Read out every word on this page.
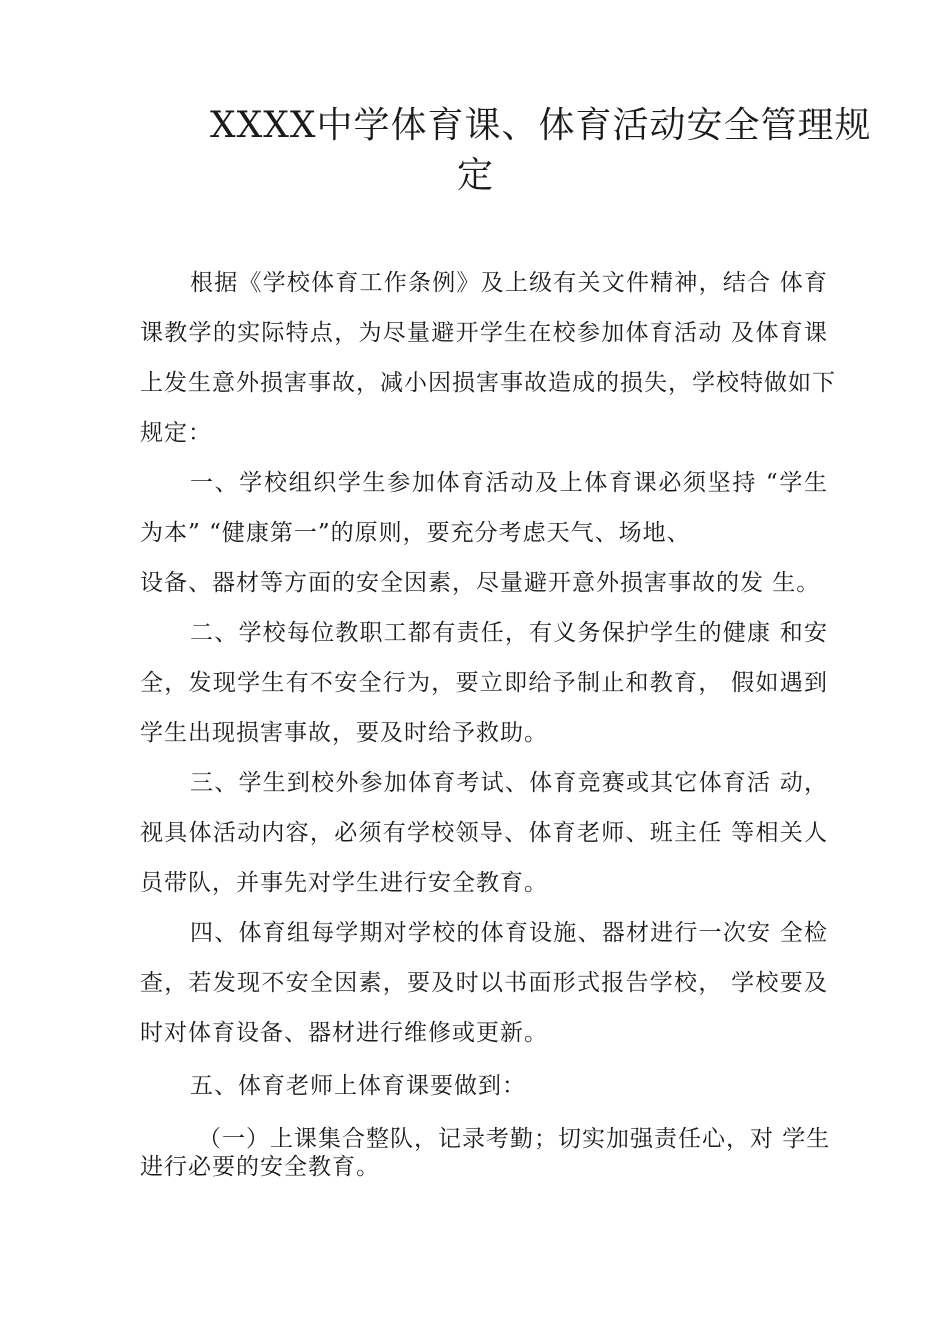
XXXX中学体育课、体育活动安全管理规
定
根据《学校体育工作条例》及上级有关文件精神，结合 体育
课教学的实际特点，为尽量避开学生在校参加体育活动 及体育课
上发生意外损害事故，减小因损害事故造成的损失，学校特做如下
规定：
一、学校组织学生参加体育活动及上体育课必须坚持 “学生
为本” “健康第一”的原则，要充分考虑天气、场地、
设备、器材等方面的安全因素，尽量避开意外损害事故的发 生。
二、学校每位教职工都有责任，有义务保护学生的健康 和安
全，发现学生有不安全行为，要立即给予制止和教育， 假如遇到
学生出现损害事故，要及时给予救助。
三、学生到校外参加体育考试、体育竞赛或其它体育活 动，
视具体活动内容，必须有学校领导、体育老师、班主任 等相关人
员带队，并事先对学生进行安全教育。
四、体育组每学期对学校的体育设施、器材进行一次安 全检
查，若发现不安全因素，要及时以书面形式报告学校， 学校要及
时对体育设备、器材进行维修或更新。
五、体育老师上体育课要做到：
（一）上课集合整队，记录考勤；切实加强责任心，对 学生
进行必要的安全教育。
